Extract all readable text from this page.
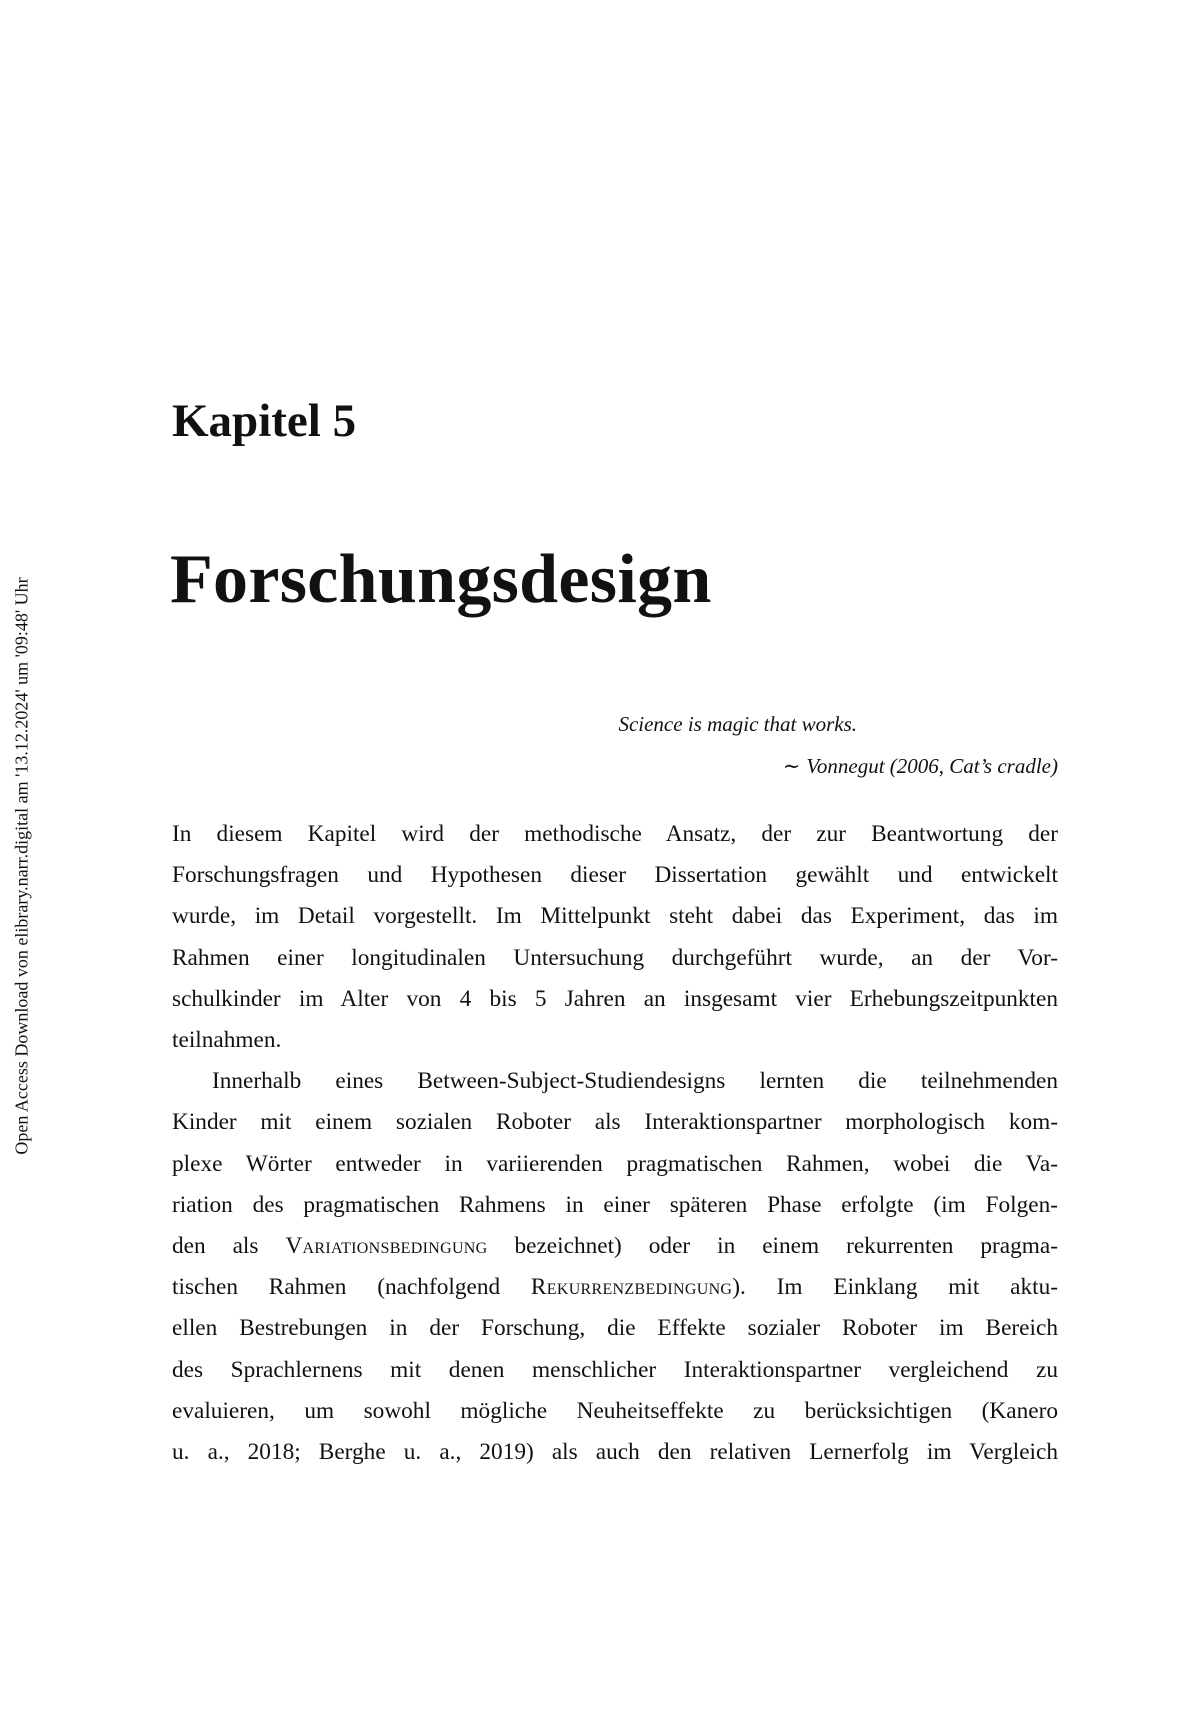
Open Access Download von elibrary.narr.digital am '13.12.2024' um '09:48' Uhr
Kapitel 5
Forschungsdesign
Science is magic that works.
∼ Vonnegut (2006, Cat’s cradle)
In diesem Kapitel wird der methodische Ansatz, der zur Beantwortung der
Forschungsfragen und Hypothesen dieser Dissertation gewählt und entwickelt
wurde, im Detail vorgestellt. Im Mittelpunkt steht dabei das Experiment, das im
Rahmen einer longitudinalen Untersuchung durchgeführt wurde, an der Vor-
schulkinder im Alter von 4 bis 5 Jahren an insgesamt vier Erhebungszeitpunkten
teilnahmen.
Innerhalb eines Between-Subject-Studiendesigns lernten die teilnehmenden
Kinder mit einem sozialen Roboter als Interaktionspartner morphologisch kom-
plexe Wörter entweder in variierenden pragmatischen Rahmen, wobei die Va-
riation des pragmatischen Rahmens in einer späteren Phase erfolgte (im Folgen-
den als Variationsbedingung bezeichnet) oder in einem rekurrenten pragma-
tischen Rahmen (nachfolgend Rekurrenzbedingung). Im Einklang mit aktu-
ellen Bestrebungen in der Forschung, die Effekte sozialer Roboter im Bereich
des Sprachlernens mit denen menschlicher Interaktionspartner vergleichend zu
evaluieren, um sowohl mögliche Neuheitseffekte zu berücksichtigen (Kanero
u. a., 2018; Berghe u. a., 2019) als auch den relativen Lernerfolg im Vergleich
